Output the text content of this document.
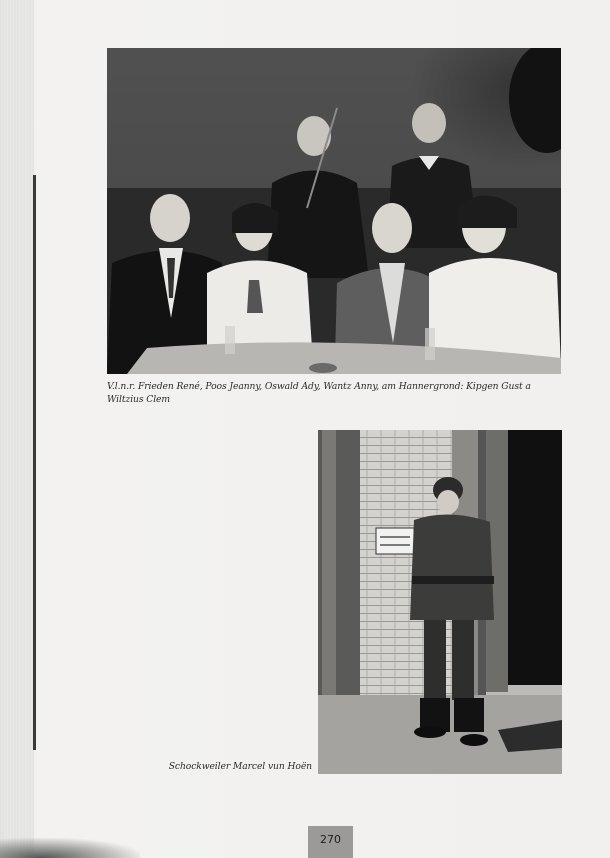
V.l.n.r. Frieden René, Poos Jeanny, Oswald Ady, Wantz Anny, am Hannergrond: Kipgen Gust a Wiltzius Clem
Schockweiler Marcel vun Hoën
270
